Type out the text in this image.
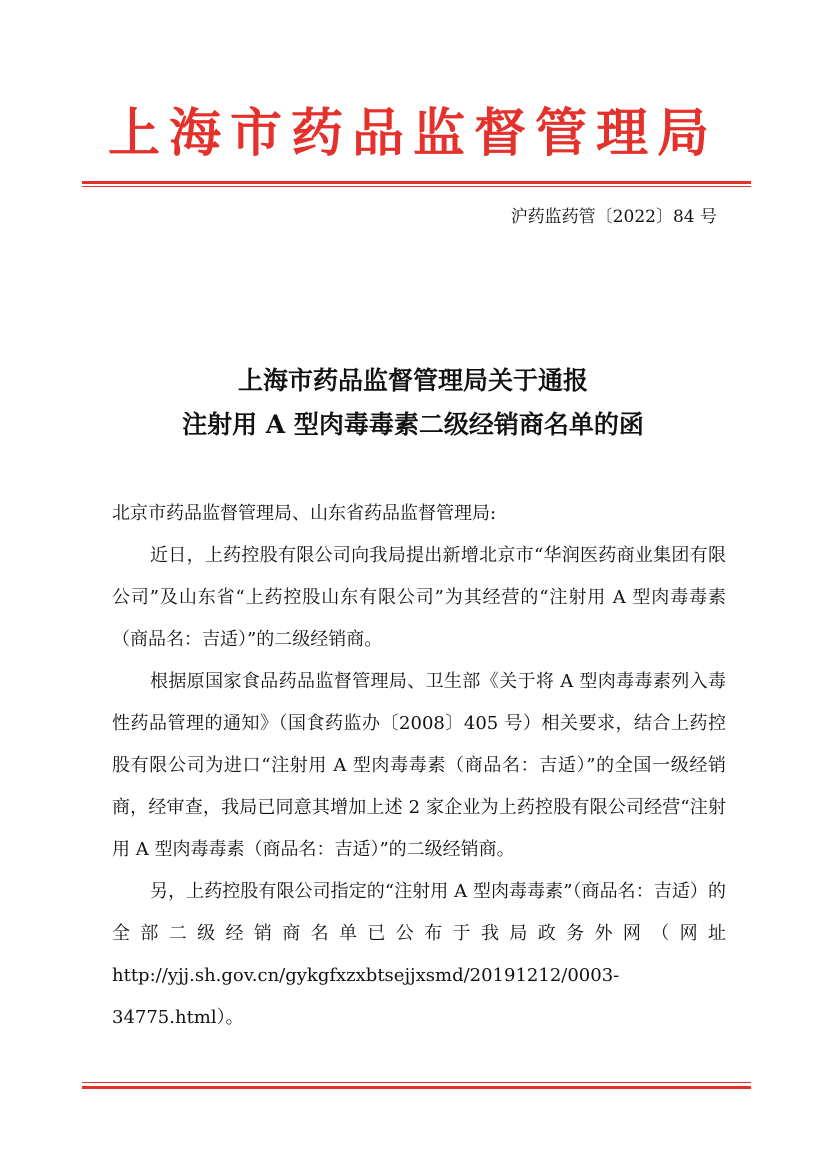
上海市药品监督管理局
沪药监药管〔2022〕84 号
上海市药品监督管理局关于通报
注射用 A 型肉毒毒素二级经销商名单的函

北京市药品监督管理局、山东省药品监督管理局:

近日，上药控股有限公司向我局提出新增北京市“华润医药商业集团有限公司”及山东省“上药控股山东有限公司”为其经营的“注射用 A 型肉毒毒素（商品名：吉适）”的二级经销商。

根据原国家食品药品监督管理局、卫生部《关于将 A 型肉毒毒素列入毒性药品管理的通知》（国食药监办〔2008〕405 号）相关要求，结合上药控股有限公司为进口“注射用 A 型肉毒毒素（商品名：吉适）”的全国一级经销商，经审查，我局已同意其增加上述 2 家企业为上药控股有限公司经营“注射用 A 型肉毒毒素（商品名：吉适）”的二级经销商。

另，上药控股有限公司指定的“注射用 A 型肉毒毒素”（商品名：吉适）的全部二级经销商名单已公布于我局政务外网（网址 http://yjj.sh.gov.cn/gykgfxzxbtsejjxsmd/20191212/0003-34775.html）。
